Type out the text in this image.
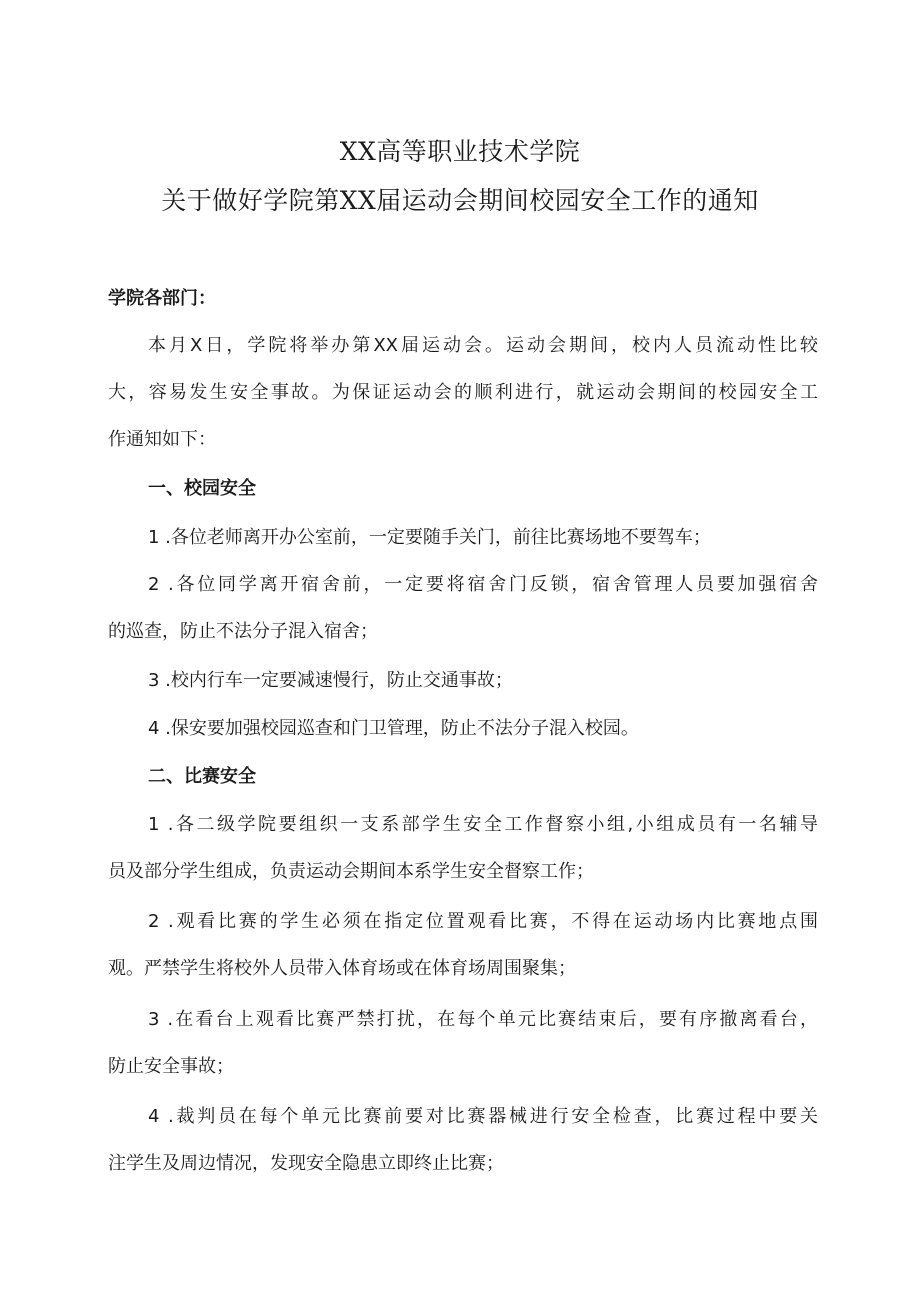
XX高等职业技术学院
关于做好学院第XX届运动会期间校园安全工作的通知
学院各部门：
本月X日，学院将举办第XX届运动会。运动会期间，校内人员流动性比较
大，容易发生安全事故。为保证运动会的顺利进行，就运动会期间的校园安全工
作通知如下：
一、校园安全
1 .各位老师离开办公室前，一定要随手关门，前往比赛场地不要驾车；
2 .各位同学离开宿舍前，一定要将宿舍门反锁，宿舍管理人员要加强宿舍
的巡查，防止不法分子混入宿舍；
3 .校内行车一定要减速慢行，防止交通事故；
4 .保安要加强校园巡查和门卫管理，防止不法分子混入校园。
二、比赛安全
1 .各二级学院要组织一支系部学生安全工作督察小组,小组成员有一名辅导
员及部分学生组成，负责运动会期间本系学生安全督察工作；
2 .观看比赛的学生必须在指定位置观看比赛，不得在运动场内比赛地点围
观。严禁学生将校外人员带入体育场或在体育场周围聚集；
3 .在看台上观看比赛严禁打扰，在每个单元比赛结束后，要有序撤离看台，
防止安全事故；
4 .裁判员在每个单元比赛前要对比赛器械进行安全检查，比赛过程中要关
注学生及周边情况，发现安全隐患立即终止比赛；
